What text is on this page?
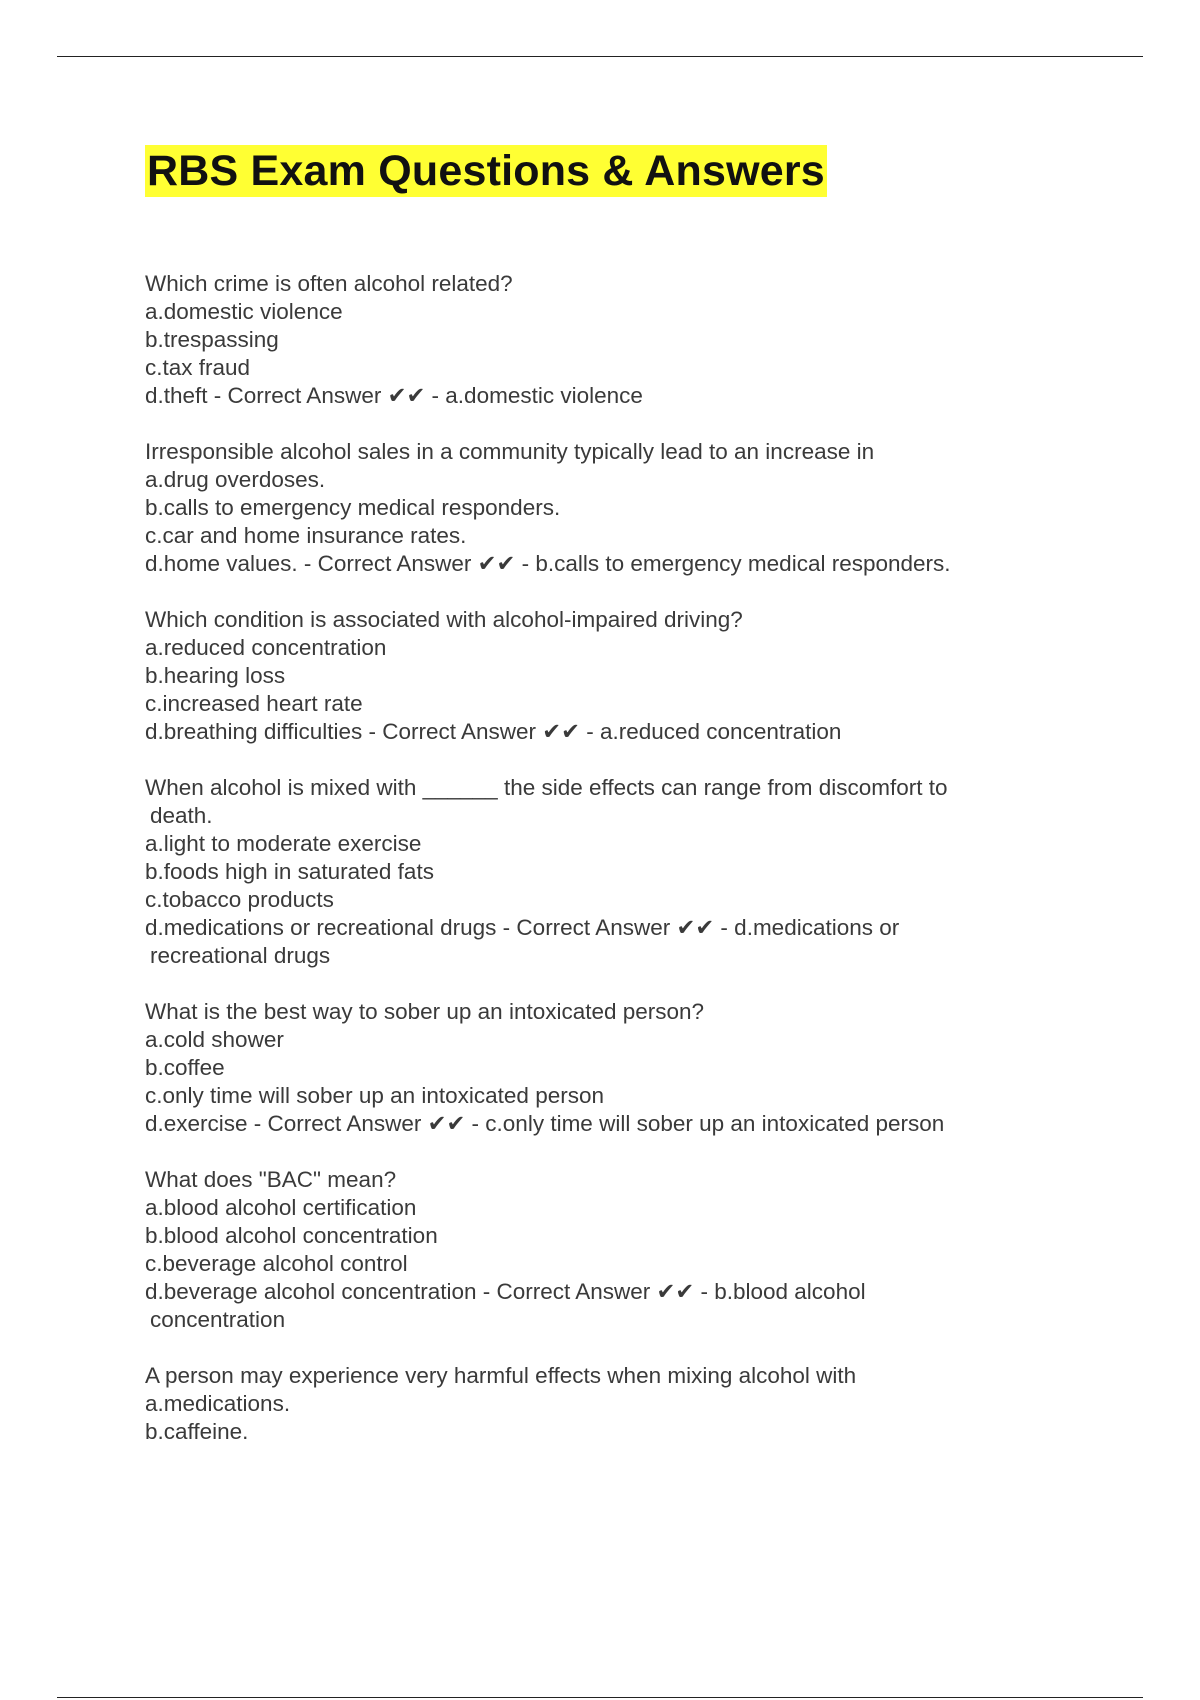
RBS Exam Questions & Answers
Which crime is often alcohol related?
a.domestic violence
b.trespassing
c.tax fraud
d.theft - Correct Answer ✔✔ - a.domestic violence
Irresponsible alcohol sales in a community typically lead to an increase in
a.drug overdoses.
b.calls to emergency medical responders.
c.car and home insurance rates.
d.home values. - Correct Answer ✔✔ - b.calls to emergency medical responders.
Which condition is associated with alcohol-impaired driving?
a.reduced concentration
b.hearing loss
c.increased heart rate
d.breathing difficulties - Correct Answer ✔✔ - a.reduced concentration
When alcohol is mixed with ______ the side effects can range from discomfort to
death.
a.light to moderate exercise
b.foods high in saturated fats
c.tobacco products
d.medications or recreational drugs - Correct Answer ✔✔ - d.medications or
recreational drugs
What is the best way to sober up an intoxicated person?
a.cold shower
b.coffee
c.only time will sober up an intoxicated person
d.exercise - Correct Answer ✔✔ - c.only time will sober up an intoxicated person
What does "BAC" mean?
a.blood alcohol certification
b.blood alcohol concentration
c.beverage alcohol control
d.beverage alcohol concentration - Correct Answer ✔✔ - b.blood alcohol
concentration
A person may experience very harmful effects when mixing alcohol with
a.medications.
b.caffeine.
